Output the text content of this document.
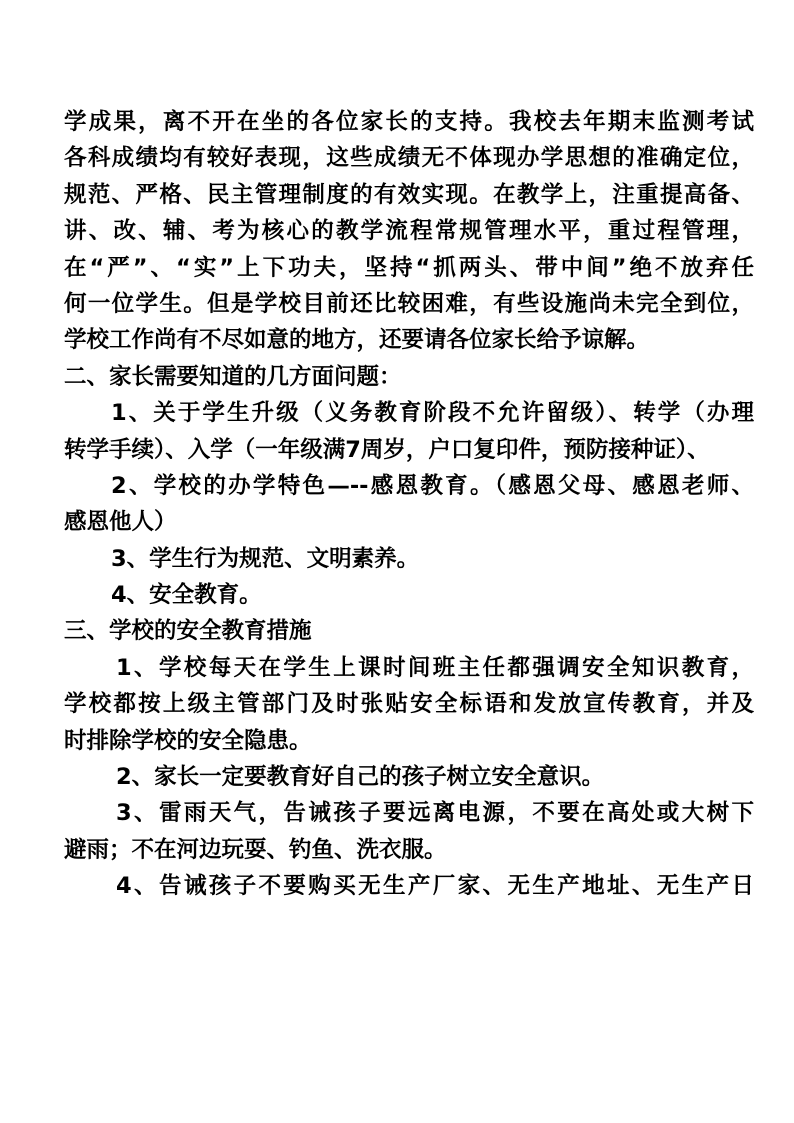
学成果，离不开在坐的各位家长的支持。我校去年期末监测考试
各科成绩均有较好表现，这些成绩无不体现办学思想的准确定位，
规范、严格、民主管理制度的有效实现。在教学上，注重提高备、
讲、改、辅、考为核心的教学流程常规管理水平，重过程管理，
在“严”、“实”上下功夫，坚持“抓两头、带中间”绝不放弃任
何一位学生。但是学校目前还比较困难，有些设施尚未完全到位，
学校工作尚有不尽如意的地方，还要请各位家长给予谅解。
二、家长需要知道的几方面问题：
1、关于学生升级（义务教育阶段不允许留级）、转学（办理
转学手续）、入学（一年级满7周岁，户口复印件，预防接种证）、
2、学校的办学特色—--感恩教育。（感恩父母、感恩老师、
感恩他人）
3、学生行为规范、文明素养。
4、安全教育。
三、学校的安全教育措施
1、学校每天在学生上课时间班主任都强调安全知识教育，
学校都按上级主管部门及时张贴安全标语和发放宣传教育，并及
时排除学校的安全隐患。
2、家长一定要教育好自己的孩子树立安全意识。
3、雷雨天气，告诫孩子要远离电源，不要在高处或大树下
避雨；不在河边玩耍、钓鱼、洗衣服。
4、告诫孩子不要购买无生产厂家、无生产地址、无生产日
